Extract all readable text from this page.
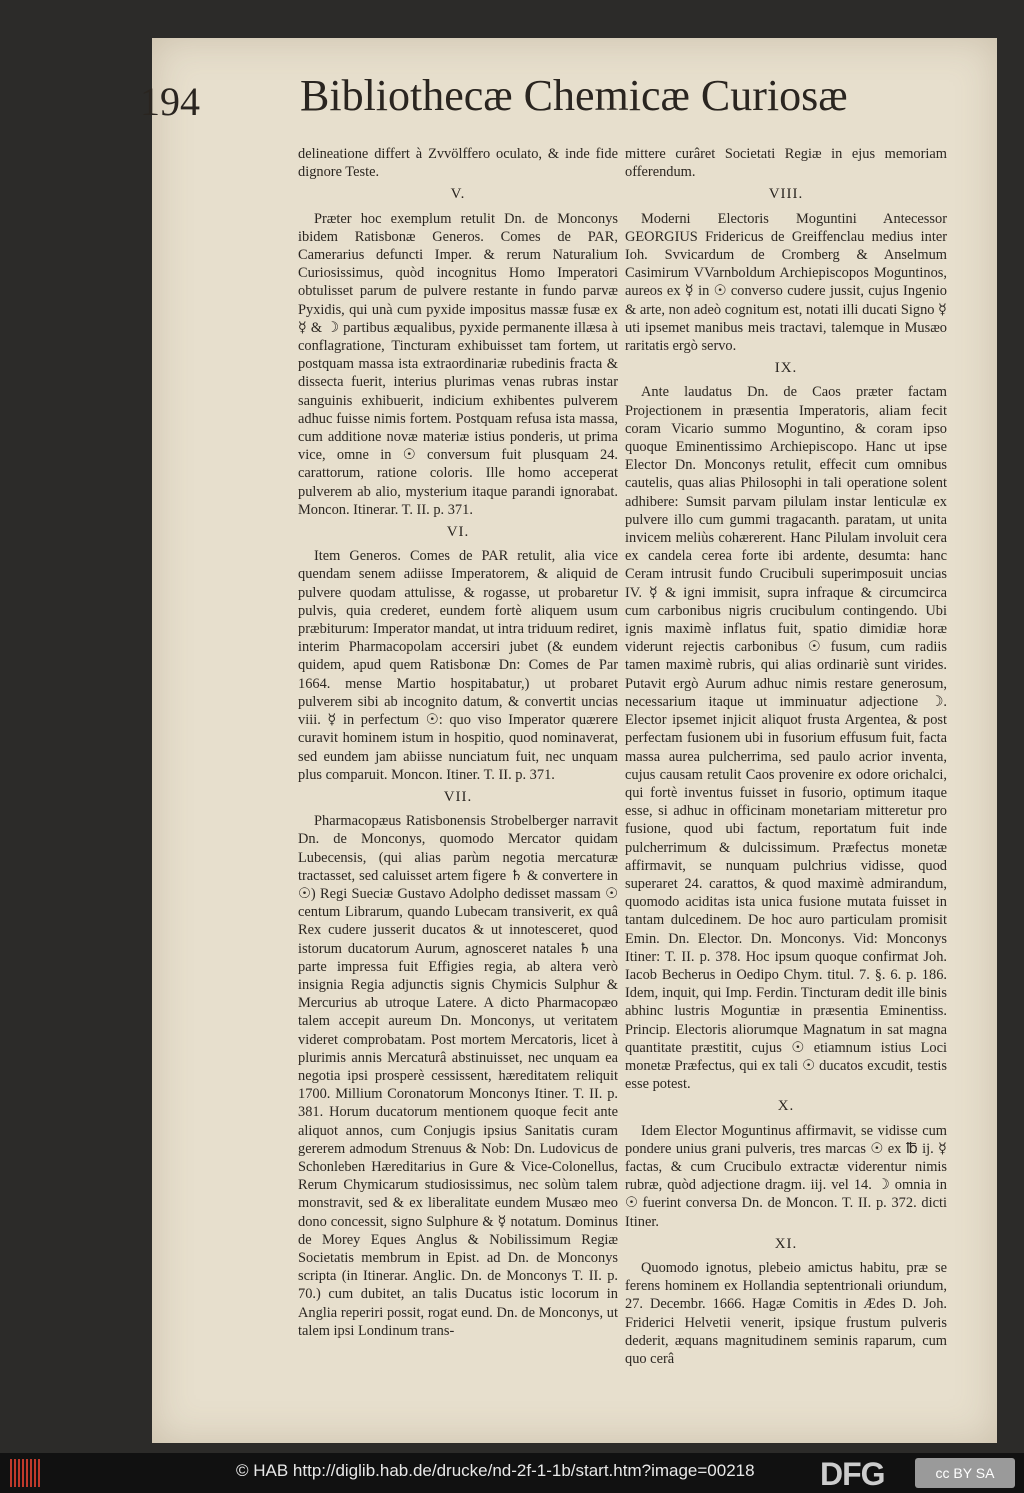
194 Bibliothecæ Chemicæ Curiosæ

delineatione differt à Zvvölffero oculato, & inde fide dignore Teste.

V.

Præter hoc exemplum retulit Dn. de Monconys ibidem Ratisbonæ Generos. Comes de PAR, Camerarius defuncti Imper. & rerum Naturalium Curiosissimus, quòd incognitus Homo Imperatori obtulisset parum de pulvere restante in fundo parvæ Pyxidis, qui unà cum pyxide impositus massæ fusæ ex ☿ & ☽ partibus æqualibus, pyxide permanente illæsa à conflagratione, Tincturam exhibuisset tam fortem, ut postquam massa ista extraordinariæ rubedinis fracta & dissecta fuerit, interius plurimas venas rubras instar sanguinis exhibuerit, indicium exhibentes pulverem adhuc fuisse nimis fortem. Postquam refusa ista massa, cum additione novæ materiæ istius ponderis, ut prima vice, omne in ☉ conversum fuit plusquam 24. carattorum, ratione coloris. Ille homo acceperat pulverem ab alio, mysterium itaque parandi ignorabat. Moncon. Itinerar. T. II. p. 371.

VI.

Item Generos. Comes de PAR retulit, alia vice quendam senem adiisse Imperatorem, & aliquid de pulvere quodam attulisse, & rogasse, ut probaretur pulvis, quia crederet, eundem fortè aliquem usum præbiturum: Imperator mandat, ut intra triduum rediret, interim Pharmacopolam accersiri jubet (& eundem quidem, apud quem Ratisbonæ Dn: Comes de Par 1664. mense Martio hospitabatur,) ut probaret pulverem sibi ab incognito datum, & convertit uncias viii. ☿ in perfectum ☉: quo viso Imperator quærere curavit hominem istum in hospitio, quod nominaverat, sed eundem jam abiisse nunciatum fuit, nec unquam plus comparuit. Moncon. Itiner. T. II. p. 371.

VII.

Pharmacopæus Ratisbonensis Strobelberger narravit Dn. de Monconys, quomodo Mercator quidam Lubecensis, (qui alias parùm negotia mercaturæ tractasset, sed caluisset artem figere ♄ & convertere in ☉) Regi Sueciæ Gustavo Adolpho dedisset massam ☉ centum Librarum, quando Lubecam transiverit, ex quâ Rex cudere jusserit ducatos & ut innotesceret, quod istorum ducatorum Aurum, agnosceret natales ♄ una parte impressa fuit Effigies regia, ab altera verò insignia Regia adjunctis signis Chymicis Sulphur & Mercurius ab utroque Latere. A dicto Pharmacopæo talem accepit aureum Dn. Monconys, ut veritatem videret comprobatam. Post mortem Mercatoris, licet à plurimis annis Mercaturâ abstinuisset, nec unquam ea negotia ipsi prosperè cessissent, hæreditatem reliquit 1700. Millium Coronatorum Monconys Itiner. T. II. p. 381. Horum ducatorum mentionem quoque fecit ante aliquot annos, cum Conjugis ipsius Sanitatis curam gererem admodum Strenuus & Nob: Dn. Ludovicus de Schonleben Hæreditarius in Gure & Vice-Colonellus, Rerum Chymicarum studiosissimus, nec solùm talem monstravit, sed & ex liberalitate eundem Musæo meo dono concessit, signo Sulphure & ☿ notatum. Dominus de Morey Eques Anglus & Nobilissimum Regiæ Societatis membrum in Epist. ad Dn. de Monconys scripta (in Itinerar. Anglic. Dn. de Monconys T. II. p. 70.) cum dubitet, an talis Ducatus istic locorum in Anglia reperiri possit, rogat eund. Dn. de Monconys, ut talem ipsi Londinum trans-

mittere curâret Societati Regiæ in ejus memoriam offerendum.

VIII.

Moderni Electoris Moguntini Antecessor GEORGIUS Fridericus de Greiffenclau medius inter Ioh. Svvicardum de Cromberg & Anselmum Casimirum VVarnboldum Archiepiscopos Moguntinos, aureos ex ☿ in ☉ converso cudere jussit, cujus Ingenio & arte, non adeò cognitum est, notati illi ducati Signo ☿ uti ipsemet manibus meis tractavi, talemque in Musæo raritatis ergò servo.

IX.

Ante laudatus Dn. de Caos præter factam Projectionem in præsentia Imperatoris, aliam fecit coram Vicario summo Moguntino, & coram ipso quoque Eminentissimo Archiepiscopo. Hanc ut ipse Elector Dn. Monconys retulit, effecit cum omnibus cautelis, quas alias Philosophi in tali operatione solent adhibere: Sumsit parvam pilulam instar lenticulæ ex pulvere illo cum gummi tragacanth. paratam, ut unita invicem meliùs cohærerent. Hanc Pilulam involuit cera ex candela cerea forte ibi ardente, desumta: hanc Ceram intrusit fundo Crucibuli superimposuit uncias IV. ☿ & igni immisit, supra infraque & circumcirca cum carbonibus nigris crucibulum contingendo. Ubi ignis maximè inflatus fuit, spatio dimidiæ horæ viderunt rejectis carbonibus ☉ fusum, cum radiis tamen maximè rubris, qui alias ordinariè sunt virides. Putavit ergò Aurum adhuc nimis restare generosum, necessarium itaque ut imminuatur adjectione ☽. Elector ipsemet injicit aliquot frusta Argentea, & post perfectam fusionem ubi in fusorium effusum fuit, facta massa aurea pulcherrima, sed paulo acrior inventa, cujus causam retulit Caos provenire ex odore orichalci, qui fortè inventus fuisset in fusorio, optimum itaque esse, si adhuc in officinam monetariam mitteretur pro fusione, quod ubi factum, reportatum fuit inde pulcherrimum & dulcissimum. Præfectus monetæ affirmavit, se nunquam pulchrius vidisse, quod superaret 24. carattos, & quod maximè admirandum, quomodo aciditas ista unica fusione mutata fuisset in tantam dulcedinem. De hoc auro particulam promisit Emin. Dn. Elector. Dn. Monconys. Vid: Monconys Itiner: T. II. p. 378. Hoc ipsum quoque confirmat Joh. Iacob Becherus in Oedipo Chym. titul. 7. §. 6. p. 186. Idem, inquit, qui Imp. Ferdin. Tincturam dedit ille binis abhinc lustris Moguntiæ in præsentia Eminentiss. Princip. Electoris aliorumque Magnatum in sat magna quantitate præstitit, cujus ☉ etiamnum istius Loci monetæ Præfectus, qui ex tali ☉ ducatos excudit, testis esse potest.

X.

Idem Elector Moguntinus affirmavit, se vidisse cum pondere unius grani pulveris, tres marcas ☉ ex ℔ ij. ☿ factas, & cum Crucibulo extractæ viderentur nimis rubræ, quòd adjectione dragm. iij. vel 14. ☽ omnia in ☉ fuerint conversa Dn. de Moncon. T. II. p. 372. dicti Itiner.

XI.

Quomodo ignotus, plebeio amictus habitu, præ se ferens hominem ex Hollandia septentrionali oriundum, 27. Decembr. 1666. Hagæ Comitis in Ædes D. Joh. Friderici Helvetii venerit, ipsique frustum pulveris dederit, æquans magnitudinem seminis raparum, cum quo cerâ

© HAB http://diglib.hab.de/drucke/nd-2f-1-1b/start.htm?image=00218 DFG	cc BY SA
